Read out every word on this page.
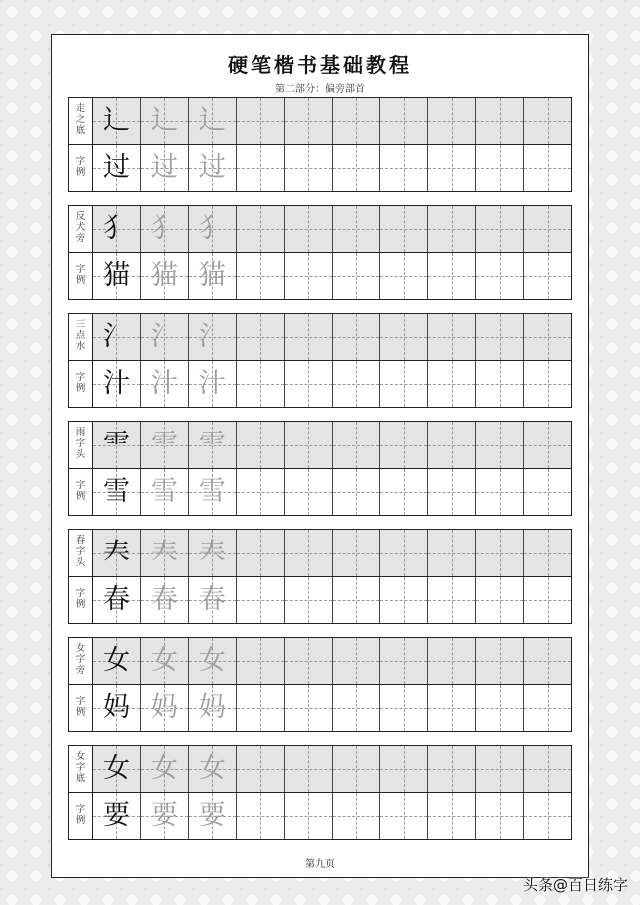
硬笔楷书基础教程
第二部分：偏旁部首
走之底
字例
辶 辶 辶
过 过 过
反犬旁
字例
犭 犭 犭
猫 猫 猫
三点水
字例
氵 氵 氵
汁 汁 汁
雨字头
字例
⻗ ⻗ ⻗
雪 雪 雪
春字头
字例
𡗗 𡗗 𡗗
春 春 春
女字旁
字例
女 女 女
妈 妈 妈
女字底
字例
女 女 女
要 要 要
第九页
头条@百日练字
